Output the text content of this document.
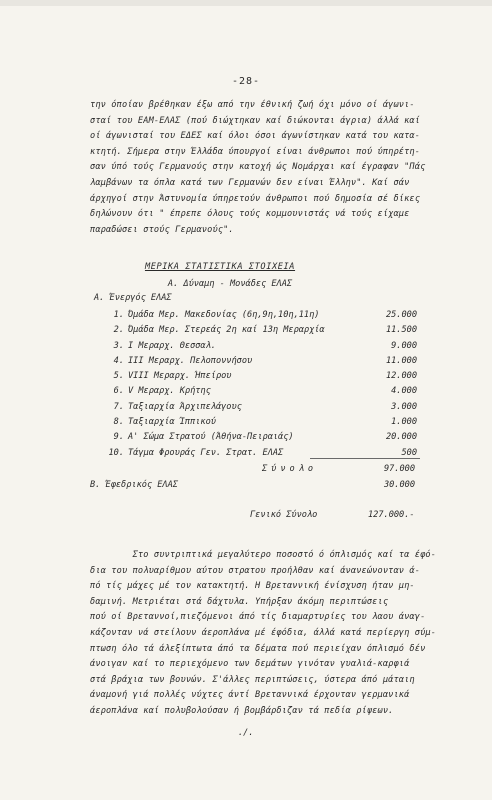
-28-
την όποίαν βρέθηκαν έξω από την έθνική ζωή όχι μόνο οί άγωνι-
σταί του ΕΑΜ-ΕΛΑΣ (πού διώχτηκαν καί διώκονται άγρια) άλλά καί
οί άγωνισταί του ΕΔΕΣ καί όλοι όσοι άγωνίστηκαν κατά του κατα-
κτητή. Σήμερα στην Έλλάδα ύπουργοί είναι άνθρωποι πού ύπηρέτη-
σαν ύπό τούς Γερμανούς στην κατοχή ώς Νομάρχαι καί έγραφαν "Πάς
λαμβάνων τα όπλα κατά των Γερμανών δεν είναι Έλλην". Καί σάν
άρχηγοί στην Άστυνομία ύπηρετούν άνθρωποι πού δημοσία σέ δίκες
δηλώνουν ότι " έπρεπε όλους τούς κομμουνιστάς νά τούς είχαμε
παραδώσει στούς Γερμανούς".
ΜΕΡΙΚΑ ΣΤΑΤΙΣΤΙΚΑ ΣΤΟΙΧΕΙΑ
Α. Δύναμη - Μονάδες ΕΛΑΣ
Α. Ένεργός ΕΛΑΣ
1. Όμάδα Μερ. Μακεδονίας (6η,9η,10η,11η)	25.000
2. Όμάδα Μερ. Στερεάς 2η καί 13η Μεραρχία	11.500
3. Ι Μεραρχ. Θεσσαλ.	9.000
4. ΙΙΙ Μεραρχ. Πελοποννήσου	11.000
5. VIII Μεραρχ. Ήπείρου	12.000
6. V Μεραρχ. Κρήτης	4.000
7. Ταξιαρχία Άρχιπελάγους	3.000
8. Ταξιαρχία Ίππικού	1.000
9. Α' Σώμα Στρατού (Άθήνα-Πειραιάς)	20.000
10. Τάγμα Φρουράς Γεν. Στρατ. ΕΛΑΣ	500
Σύνολο	97.000
Β. Έφεδρικός ΕΛΑΣ	30.000
Γενικό Σύνολο	127.000.-
Στο συντριπτικά μεγαλύτερο ποσοστό ό όπλισμός καί τα έφό-
δια του πολυαρίθμου αύτου στρατου προήλθαν καί άνανεώνονταν ά-
πό τίς μάχες μέ τον κατακτητή. Η Βρεταννική ένίσχυση ήταν μη-
δαμινή. Μετριέται στά δάχτυλα. Υπήρξαν άκόμη περιπτώσεις
πού οί Βρεταννοί,πιεζόμενοι άπό τίς διαμαρτυρίες του λαου άναγ-
κάζονταν νά στείλουν άεροπλάνα μέ έφόδια, άλλά κατά περίεργη σύμ-
πτωση όλο τά άλεξίπτωτα άπό τα δέματα πού περιείχαν όπλισμό δέν
άνοιγαν καί το περιεχόμενο των δεμάτων γινόταν γυαλιά-καρφιά
στά βράχια των βουνών. Σ'άλλες περιπτώσεις, ύστερα άπό μάταιη
άναμονή γιά πολλές νύχτες άντί Βρεταννικά έρχονταν γερμανικά
άεροπλάνα καί πολυβολούσαν ή βομβάρδιζαν τά πεδία ρίψεων.
./.
